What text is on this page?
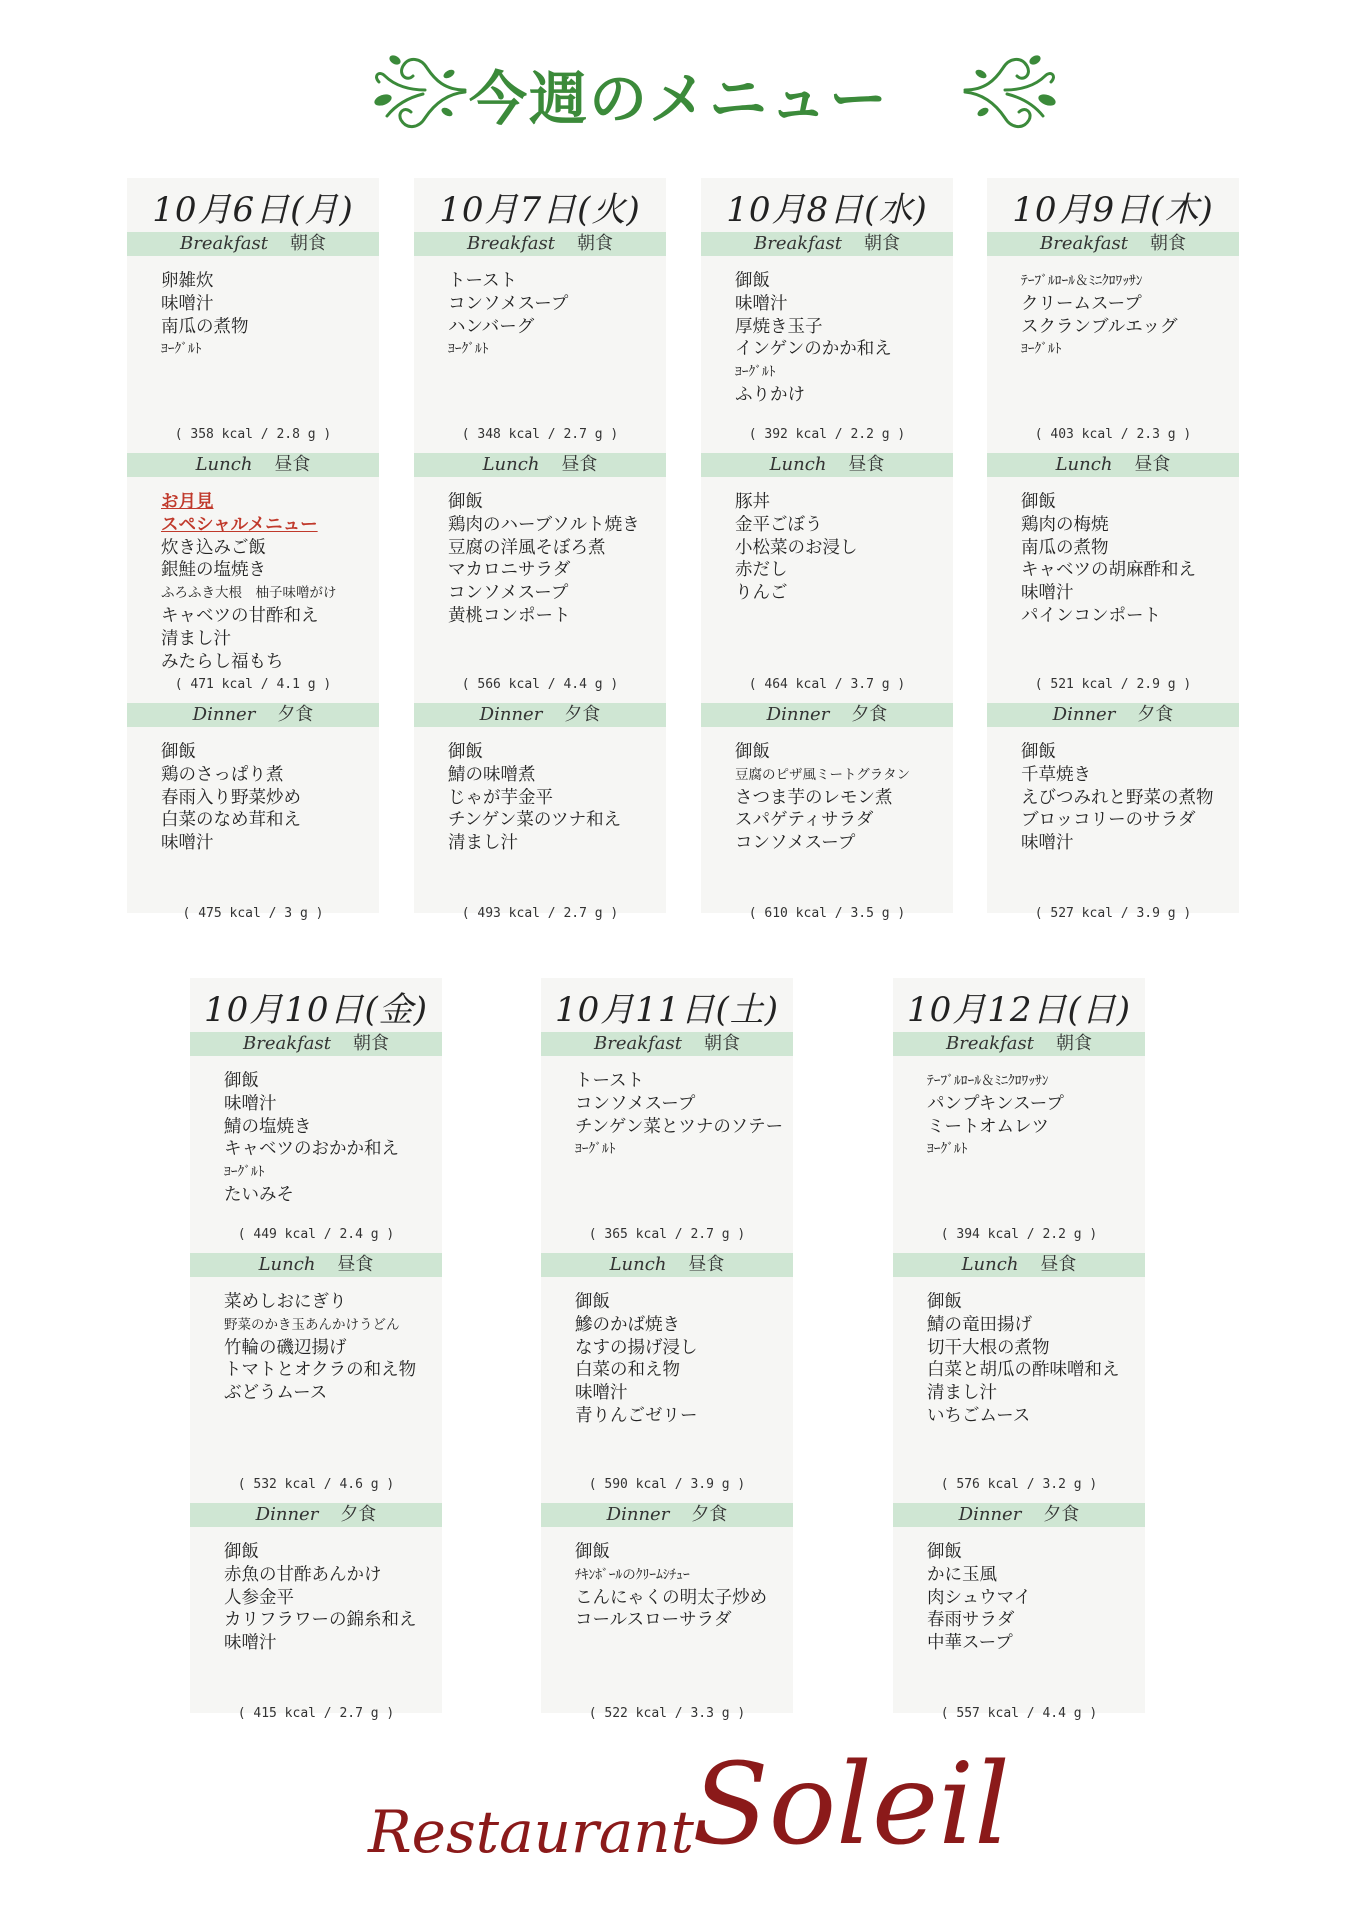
今週のメニュー
10月6日(月)
Breakfast 朝食
卵雑炊
味噌汁
南瓜の煮物
ﾖｰｸﾞﾙﾄ
( 358 kcal / 2.8 g )
Lunch 昼食
お月見
スペシャルメニュー
炊き込みご飯
銀鮭の塩焼き
ふろふき大根　柚子味噌がけ
キャベツの甘酢和え
清まし汁
みたらし福もち
( 471 kcal / 4.1 g )
Dinner 夕食
御飯
鶏のさっぱり煮
春雨入り野菜炒め
白菜のなめ茸和え
味噌汁
( 475 kcal / 3 g )
10月7日(火)
Breakfast 朝食
トースト
コンソメスープ
ハンバーグ
ﾖｰｸﾞﾙﾄ
( 348 kcal / 2.7 g )
Lunch 昼食
御飯
鶏肉のハーブソルト焼き
豆腐の洋風そぼろ煮
マカロニサラダ
コンソメスープ
黄桃コンポート
( 566 kcal / 4.4 g )
Dinner 夕食
御飯
鯖の味噌煮
じゃが芋金平
チンゲン菜のツナ和え
清まし汁
( 493 kcal / 2.7 g )
10月8日(水)
Breakfast 朝食
御飯
味噌汁
厚焼き玉子
インゲンのかか和え
ﾖｰｸﾞﾙﾄ
ふりかけ
( 392 kcal / 2.2 g )
Lunch 昼食
豚丼
金平ごぼう
小松菜のお浸し
赤だし
りんご
( 464 kcal / 3.7 g )
Dinner 夕食
御飯
豆腐のピザ風ミートグラタン
さつま芋のレモン煮
スパゲティサラダ
コンソメスープ
( 610 kcal / 3.5 g )
10月9日(木)
Breakfast 朝食
ﾃｰﾌﾞﾙﾛｰﾙ＆ﾐﾆｸﾛﾜｯｻﾝ
クリームスープ
スクランブルエッグ
ﾖｰｸﾞﾙﾄ
( 403 kcal / 2.3 g )
Lunch 昼食
御飯
鶏肉の梅焼
南瓜の煮物
キャベツの胡麻酢和え
味噌汁
パインコンポート
( 521 kcal / 2.9 g )
Dinner 夕食
御飯
千草焼き
えびつみれと野菜の煮物
ブロッコリーのサラダ
味噌汁
( 527 kcal / 3.9 g )
10月10日(金)
Breakfast 朝食
御飯
味噌汁
鯖の塩焼き
キャベツのおかか和え
ﾖｰｸﾞﾙﾄ
たいみそ
( 449 kcal / 2.4 g )
Lunch 昼食
菜めしおにぎり
野菜のかき玉あんかけうどん
竹輪の磯辺揚げ
トマトとオクラの和え物
ぶどうムース
( 532 kcal / 4.6 g )
Dinner 夕食
御飯
赤魚の甘酢あんかけ
人参金平
カリフラワーの錦糸和え
味噌汁
( 415 kcal / 2.7 g )
10月11日(土)
Breakfast 朝食
トースト
コンソメスープ
チンゲン菜とツナのソテー
ﾖｰｸﾞﾙﾄ
( 365 kcal / 2.7 g )
Lunch 昼食
御飯
鰺のかば焼き
なすの揚げ浸し
白菜の和え物
味噌汁
青りんごゼリー
( 590 kcal / 3.9 g )
Dinner 夕食
御飯
ﾁｷﾝﾎﾞｰﾙのｸﾘｰﾑｼﾁｭｰ
こんにゃくの明太子炒め
コールスローサラダ
( 522 kcal / 3.3 g )
10月12日(日)
Breakfast 朝食
ﾃｰﾌﾞﾙﾛｰﾙ＆ﾐﾆｸﾛﾜｯｻﾝ
パンプキンスープ
ミートオムレツ
ﾖｰｸﾞﾙﾄ
( 394 kcal / 2.2 g )
Lunch 昼食
御飯
鯖の竜田揚げ
切干大根の煮物
白菜と胡瓜の酢味噌和え
清まし汁
いちごムース
( 576 kcal / 3.2 g )
Dinner 夕食
御飯
かに玉風
肉シュウマイ
春雨サラダ
中華スープ
( 557 kcal / 4.4 g )
Restaurant
Soleil
